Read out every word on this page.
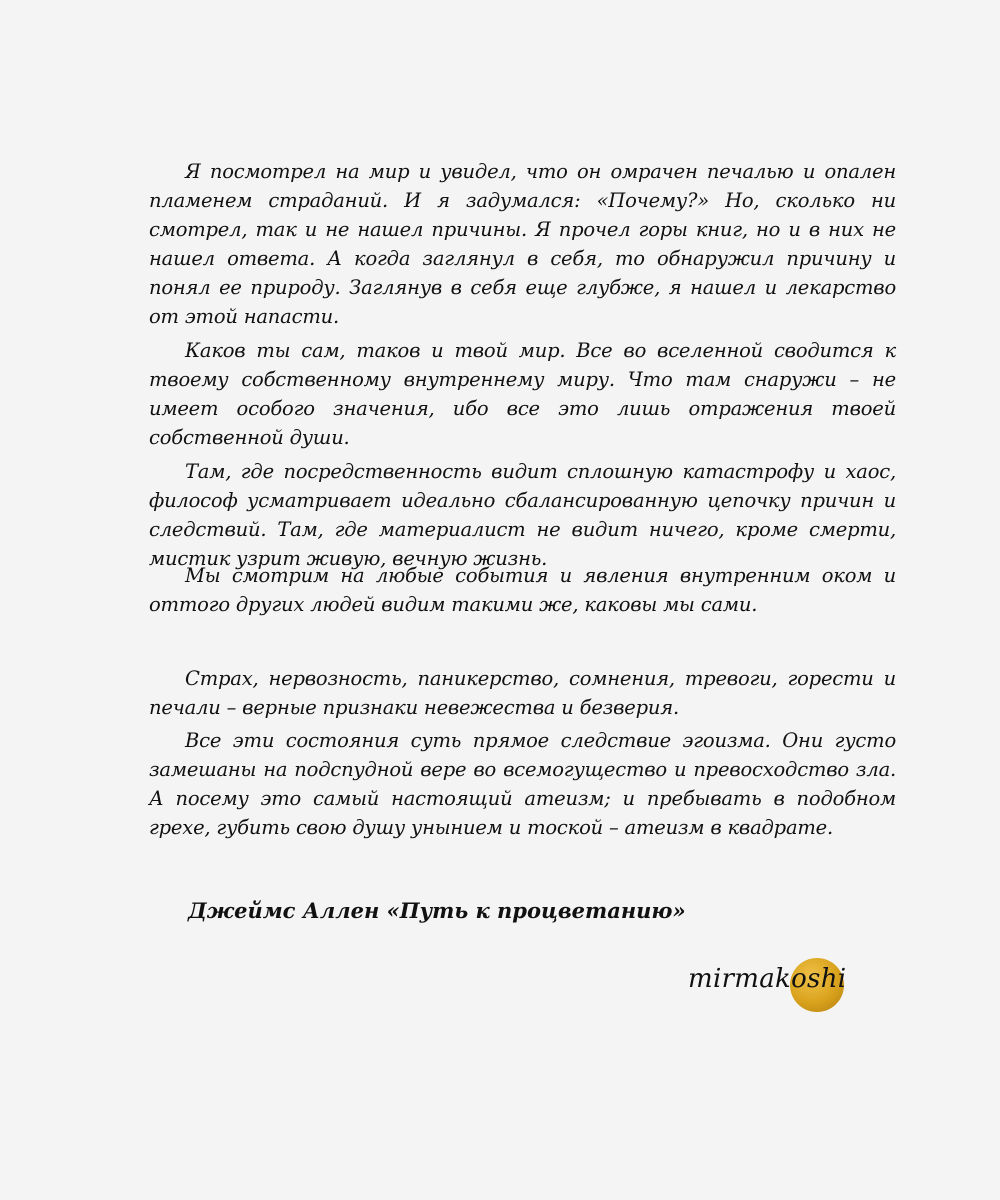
Я посмотрел на мир и увидел, что он омрачен печалью и опален пламенем страданий. И я задумался: «Почему?» Но, сколько ни смотрел, так и не нашел причины. Я прочел горы книг, но и в них не нашел ответа. А когда заглянул в себя, то обнаружил причину и понял ее природу. Заглянув в себя еще глубже, я нашел и лекарство от этой напасти.

Каков ты сам, таков и твой мир. Все во вселенной сводится к твоему собственному внутреннему миру. Что там снаружи – не имеет особого значения, ибо все это лишь отражения твоей собственной души.

Там, где посредственность видит сплошную катастрофу и хаос, философ усматривает идеально сбалансированную цепочку причин и следствий. Там, где материалист не видит ничего, кроме смерти, мистик узрит живую, вечную жизнь.

Мы смотрим на любые события и явления внутренним оком и оттого других людей видим такими же, каковы мы сами.

Страх, нервозность, паникерство, сомнения, тревоги, горести и печали – верные признаки невежества и безверия.

Все эти состояния суть прямое следствие эгоизма. Они густо замешаны на подспудной вере во всемогущество и превосходство зла. А посему это самый настоящий атеизм; и пребывать в подобном грехе, губить свою душу унынием и тоской – атеизм в квадрате.

Джеймс Аллен «Путь к процветанию»
mirmakoshi
